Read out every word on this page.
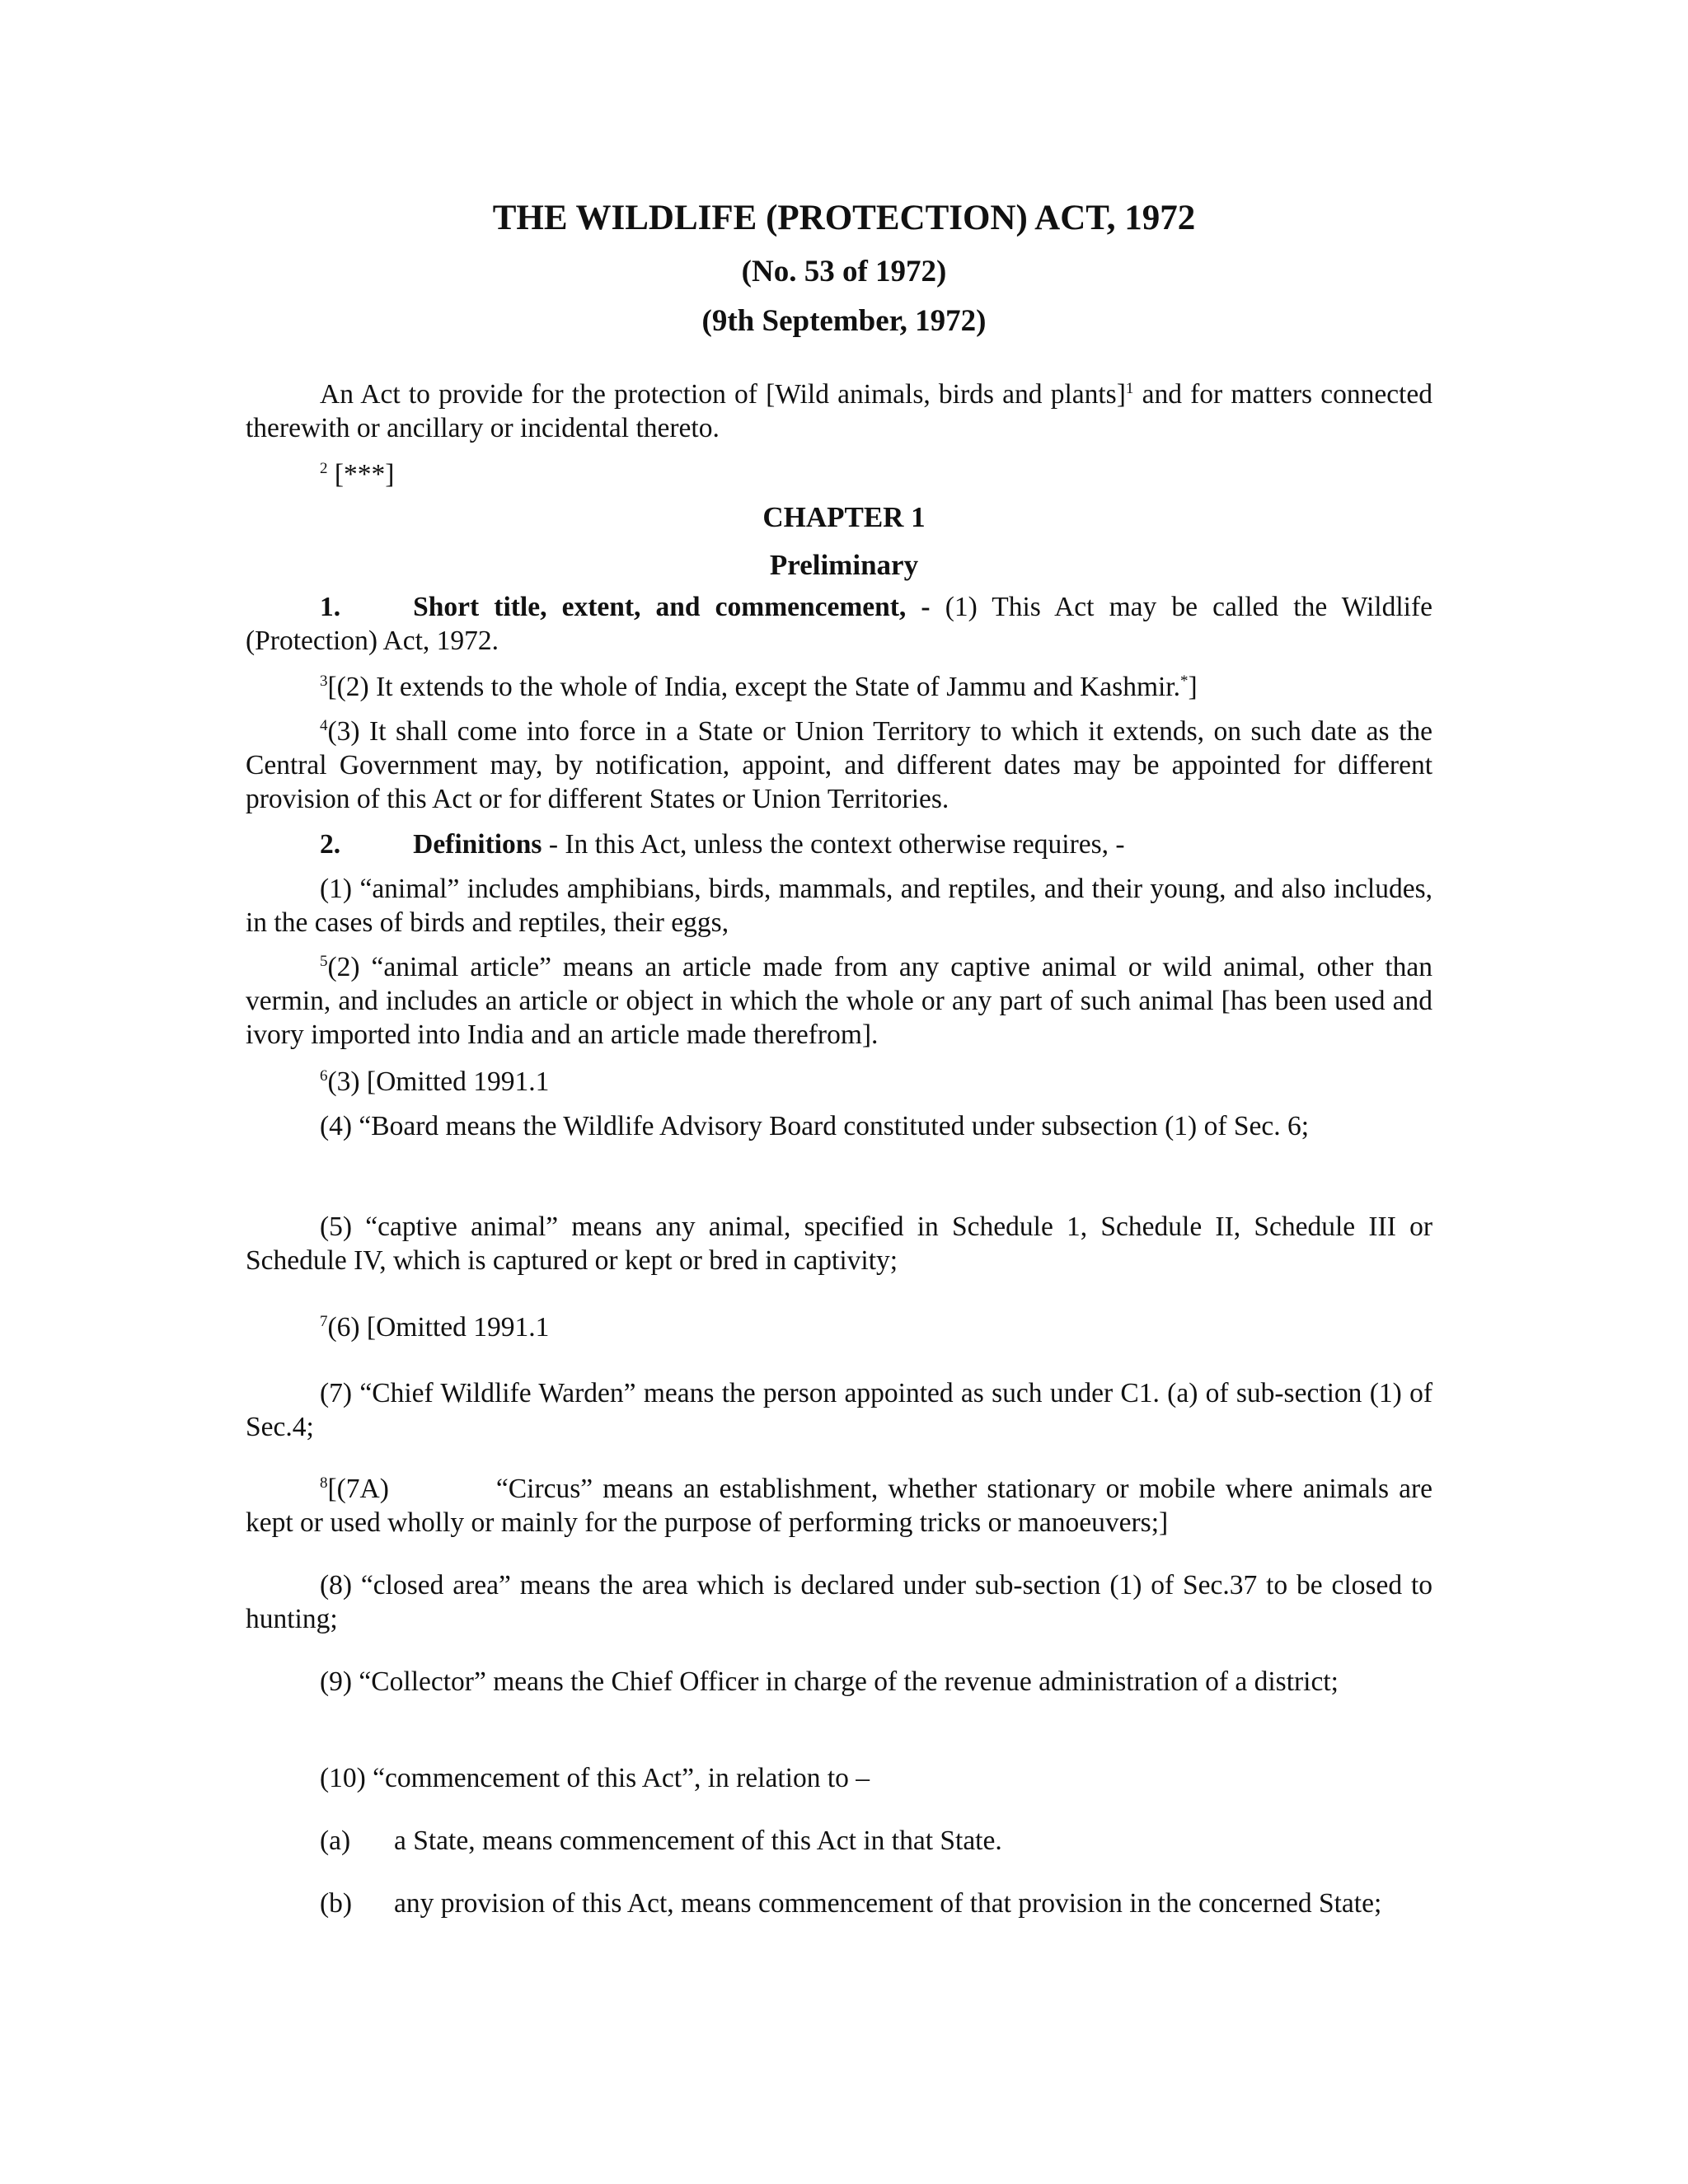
THE WILDLIFE (PROTECTION) ACT, 1972
(No. 53 of 1972)
(9th September, 1972)
An Act to provide for the protection of [Wild animals, birds and plants]$^1$ and for matters connected therewith or ancillary or incidental thereto.
$^2$ [***]
CHAPTER 1
Preliminary
1.	Short title, extent, and commencement, - (1) This Act may be called the Wildlife (Protection) Act, 1972.
$^3$[(2) It extends to the whole of India, except the State of Jammu and Kashmir.*]
$^4$(3) It shall come into force in a State or Union Territory to which it extends, on such date as the Central Government may, by notification, appoint, and different dates may be appointed for different provision of this Act or for different States or Union Territories.
2.	Definitions - In this Act, unless the context otherwise requires, -
(1) “animal” includes amphibians, birds, mammals, and reptiles, and their young, and also includes, in the cases of birds and reptiles, their eggs,
$^5$(2) “animal article” means an article made from any captive animal or wild animal, other than vermin, and includes an article or object in which the whole or any part of such animal [has been used and ivory imported into India and an article made therefrom].
$^6$(3) [Omitted 1991.1
(4) “Board means the Wildlife Advisory Board constituted under subsection (1) of Sec. 6;
(5) “captive animal” means any animal, specified in Schedule 1, Schedule II, Schedule III or Schedule IV, which is captured or kept or bred in captivity;
$^7$(6) [Omitted 1991.1
(7) “Chief Wildlife Warden” means the person appointed as such under C1. (a) of sub-section (1) of Sec.4;
$^8$[(7A)	“Circus” means an establishment, whether stationary or mobile where animals are kept or used wholly or mainly for the purpose of performing tricks or manoeuvers;]
(8) “closed area” means the area which is declared under sub-section (1) of Sec.37 to be closed to hunting;
(9) “Collector” means the Chief Officer in charge of the revenue administration of a district;
(10) “commencement of this Act”, in relation to –
(a) a State, means commencement of this Act in that State.
(b) any provision of this Act, means commencement of that provision in the concerned State;
